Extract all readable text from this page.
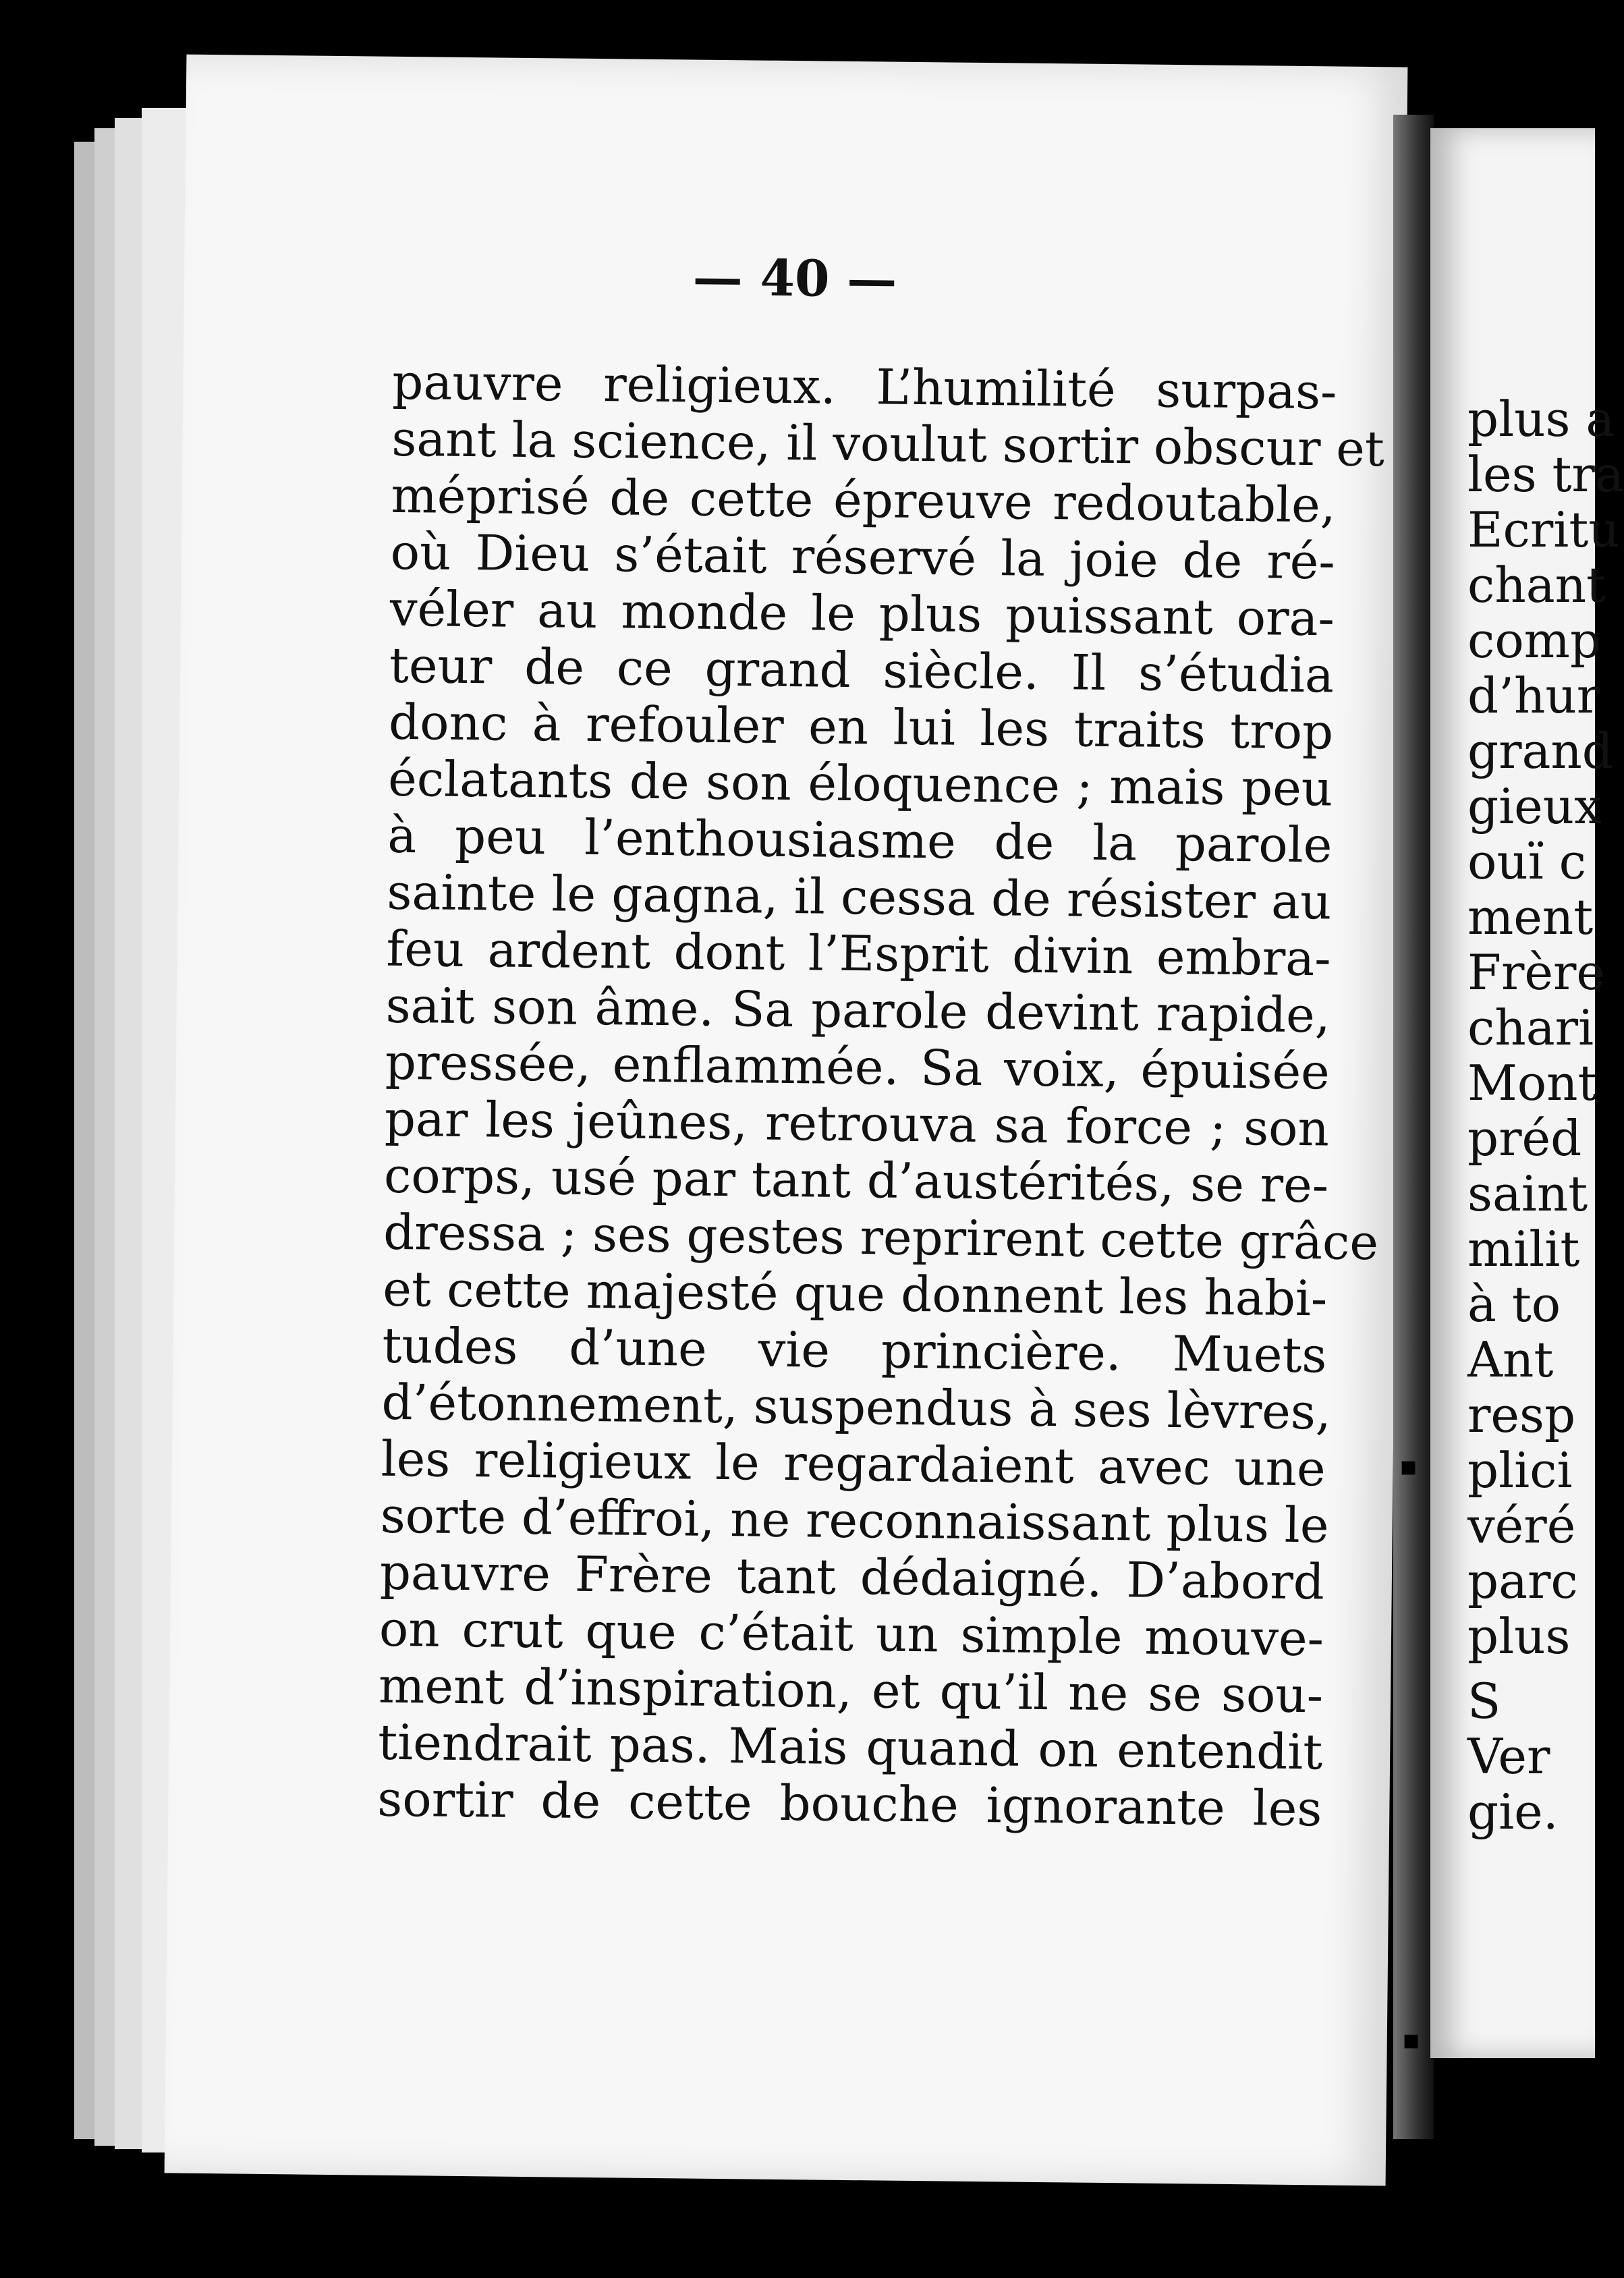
— 40 —
pauvre religieux. L’humilité surpas-
sant la science, il voulut sortir obscur et
méprisé de cette épreuve redoutable,
où Dieu s’était réservé la joie de ré-
véler au monde le plus puissant ora-
teur de ce grand siècle. Il s’étudia
donc à refouler en lui les traits trop
éclatants de son éloquence ; mais peu
à peu l’enthousiasme de la parole
sainte le gagna, il cessa de résister au
feu ardent dont l’Esprit divin embra-
sait son âme. Sa parole devint rapide,
pressée, enflammée. Sa voix, épuisée
par les jeûnes, retrouva sa force ; son
corps, usé par tant d’austérités, se re-
dressa ; ses gestes reprirent cette grâce
et cette majesté que donnent les habi-
tudes d’une vie princière. Muets
d’étonnement, suspendus à ses lèvres,
les religieux le regardaient avec une
sorte d’effroi, ne reconnaissant plus le
pauvre Frère tant dédaigné. D’abord
on crut que c’était un simple mouve-
ment d’inspiration, et qu’il ne se sou-
tiendrait pas. Mais quand on entendit
sortir de cette bouche ignorante les
▪
▪
plus a
les tra
Ecritu
chant
comp
d’hur
grand
gieux
ouï c
ment
Frère
chari
Mont
préd
saint
milit
à to
Ant
resp
plici
véré
parc
plus
S
Ver
gie.
